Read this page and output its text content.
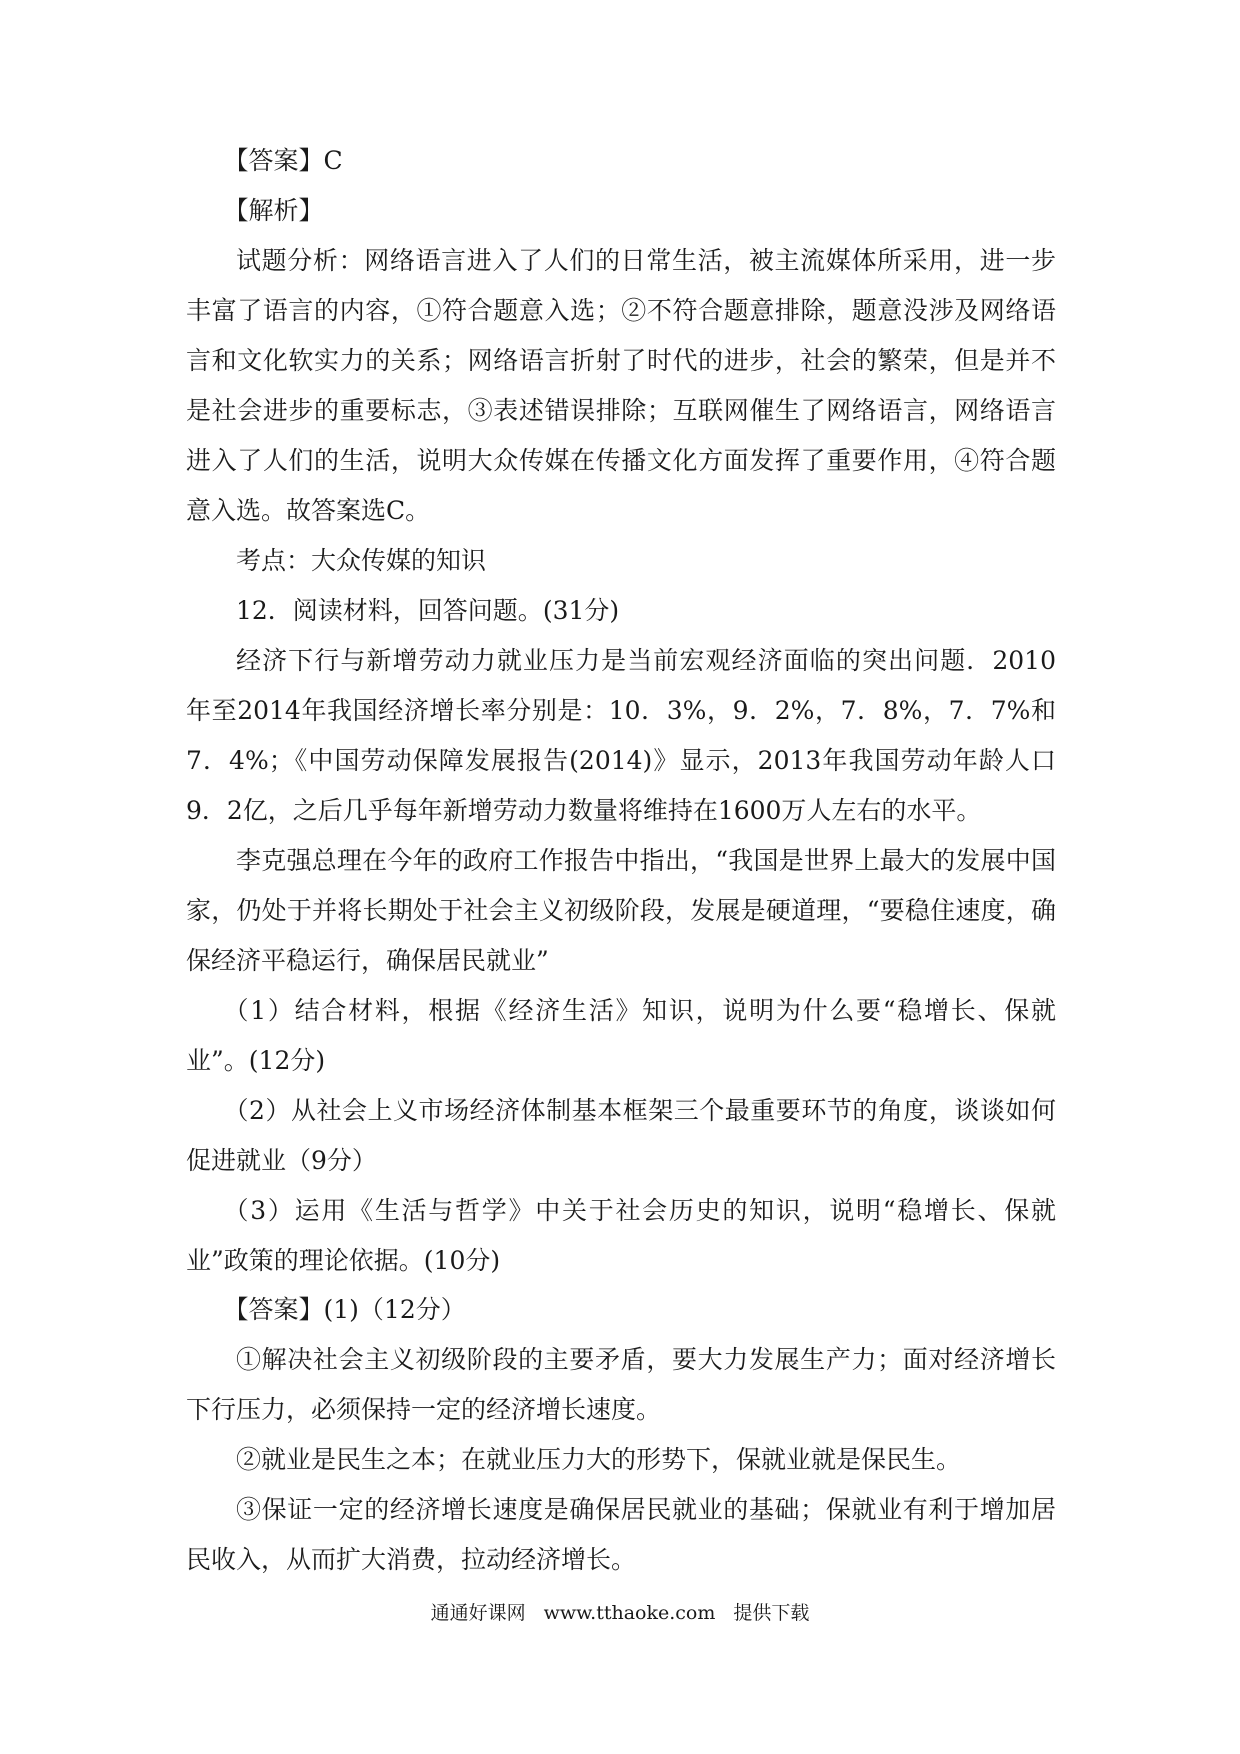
【答案】C

【解析】

试题分析：网络语言进入了人们的日常生活，被主流媒体所采用，进一步丰富了语言的内容，①符合题意入选；②不符合题意排除，题意没涉及网络语言和文化软实力的关系；网络语言折射了时代的进步，社会的繁荣，但是并不是社会进步的重要标志，③表述错误排除；互联网催生了网络语言，网络语言进入了人们的生活，说明大众传媒在传播文化方面发挥了重要作用，④符合题意入选。故答案选C。

考点：大众传媒的知识

12．阅读材料，回答问题。(31分)

经济下行与新增劳动力就业压力是当前宏观经济面临的突出问题．2010 年至2014年我国经济增长率分别是：10．3%，9．2%，7．8%，7．7%和7．4%；《中国劳动保障发展报告(2014)》显示，2013年我国劳动年龄人口9．2亿，之后几乎每年新增劳动力数量将维持在1600万人左右的水平。

李克强总理在今年的政府工作报告中指出，“我国是世界上最大的发展中国家，仍处于并将长期处于社会主义初级阶段，发展是硬道理，“要稳住速度，确保经济平稳运行，确保居民就业”

（1）结合材料，根据《经济生活》知识，说明为什么要“稳增长、保就业”。(12分)

（2）从社会上义市场经济体制基本框架三个最重要环节的角度，谈谈如何促进就业（9分）

（3）运用《生活与哲学》中关于社会历史的知识，说明“稳增长、保就业”政策的理论依据。(10分)

【答案】(1)（12分）

①解决社会主义初级阶段的主要矛盾，要大力发展生产力；面对经济增长下行压力，必须保持一定的经济增长速度。

②就业是民生之本；在就业压力大的形势下，保就业就是保民生。

③保证一定的经济增长速度是确保居民就业的基础；保就业有利于增加居民收入，从而扩大消费，拉动经济增长。

通通好课网 www.tthaoke.com 提供下载
